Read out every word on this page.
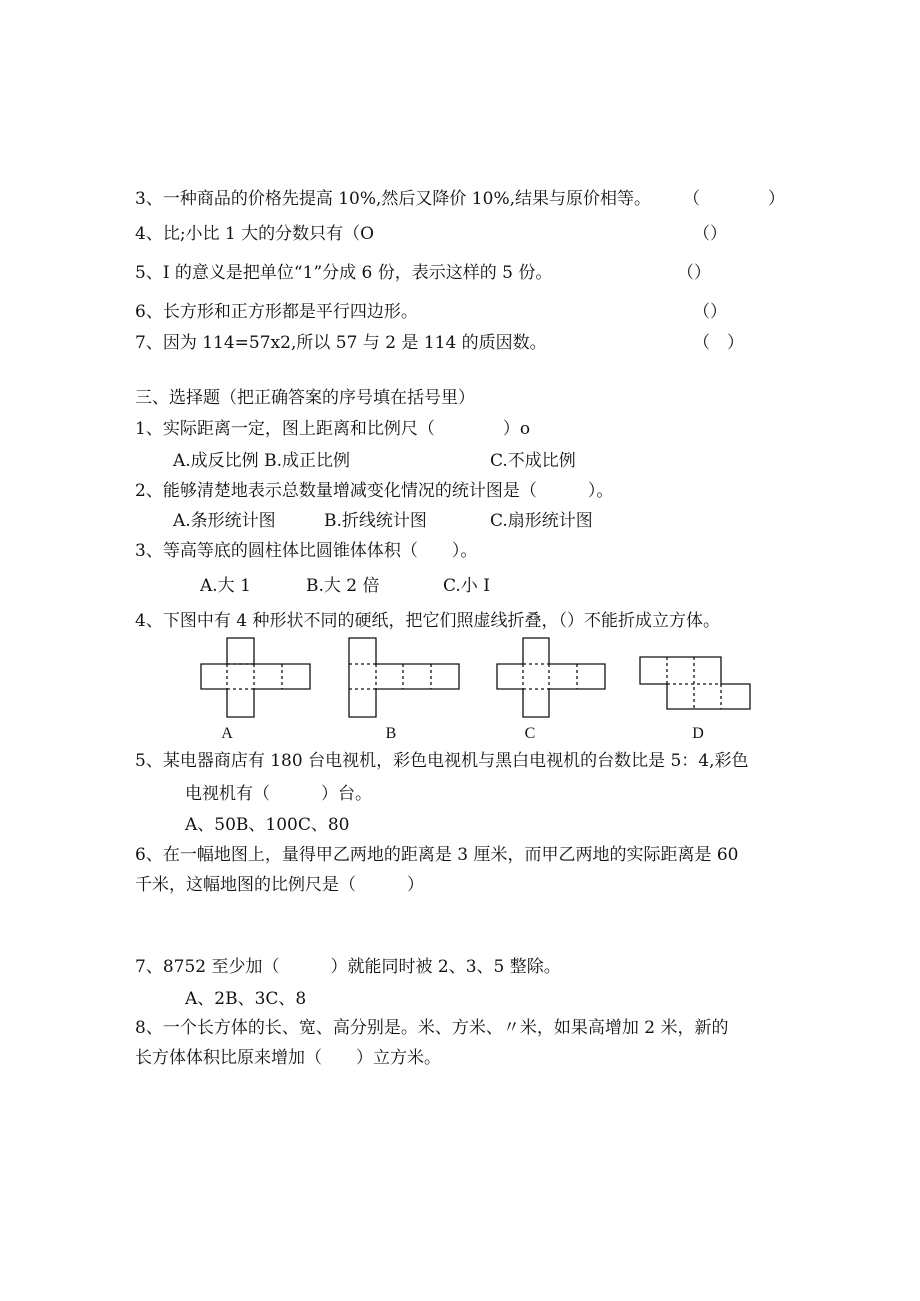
3、一种商品的价格先提高 10%,然后又降价 10%,结果与原价相等。 （　　　　）
4、比;小比 1 大的分数只有（O	（）
5、I 的意义是把单位“1”分成 6 份，表示这样的 5 份。	（）
6、长方形和正方形都是平行四边形。	（）
7、因为 114=57x2,所以 57 与 2 是 114 的质因数。	（　）
三、选择题（把正确答案的序号填在括号里）
1、实际距离一定，图上距离和比例尺（　　　　）o
A.成反比例 B.成正比例	C.不成比例
2、能够清楚地表示总数量增减变化情况的统计图是（　　　）。
A.条形统计图	B.折线统计图	C.扇形统计图
3、等高等底的圆柱体比圆锥体体积（　　）。
A.大 1	B.大 2 倍	C.小 I
4、下图中有 4 种形状不同的硬纸，把它们照虚线折叠，（）不能折成立方体。
A	B	C	D
5、某电器商店有 180 台电视机，彩色电视机与黑白电视机的台数比是 5：4,彩色
电视机有（　　　）台。
A、50B、100C、80
6、在一幅地图上，量得甲乙两地的距离是 3 厘米，而甲乙两地的实际距离是 60
千米，这幅地图的比例尺是（　　　）
7、8752 至少加（　　　）就能同时被 2、3、5 整除。
A、2B、3C、8
8、一个长方体的长、宽、高分别是。米、方米、〃米，如果高增加 2 米，新的
长方体体积比原来增加（　　）立方米。
